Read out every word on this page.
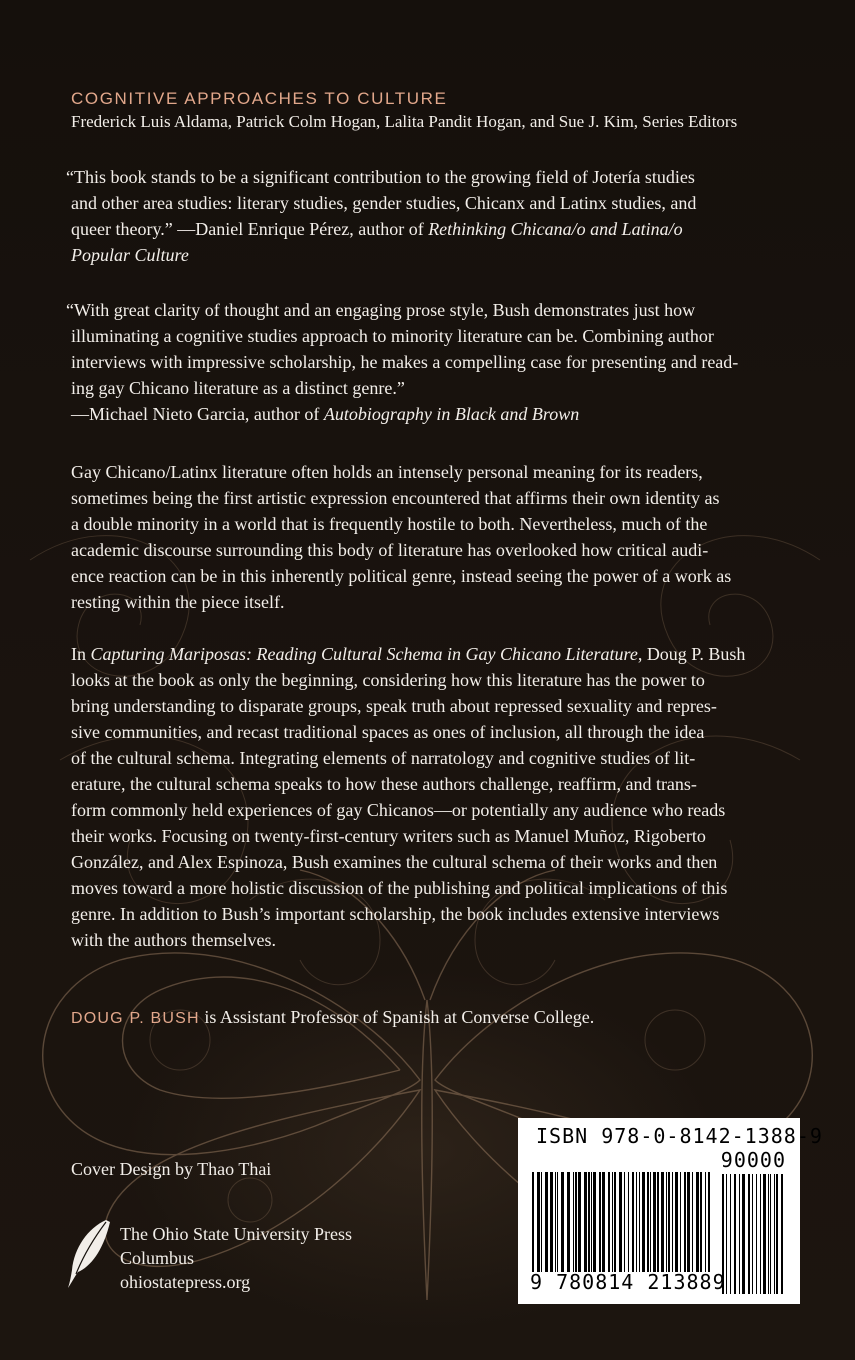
COGNITIVE APPROACHES TO CULTURE
Frederick Luis Aldama, Patrick Colm Hogan, Lalita Pandit Hogan, and Sue J. Kim, Series Editors
“This book stands to be a significant contribution to the growing field of Jotería studies
and other area studies: literary studies, gender studies, Chicanx and Latinx studies, and
queer theory.” —Daniel Enrique Pérez, author of Rethinking Chicana/o and Latina/o
Popular Culture
“With great clarity of thought and an engaging prose style, Bush demonstrates just how
illuminating a cognitive studies approach to minority literature can be. Combining author
interviews with impressive scholarship, he makes a compelling case for presenting and read-
ing gay Chicano literature as a distinct genre.”
—Michael Nieto Garcia, author of Autobiography in Black and Brown
Gay Chicano/Latinx literature often holds an intensely personal meaning for its readers,
sometimes being the first artistic expression encountered that affirms their own identity as
a double minority in a world that is frequently hostile to both. Nevertheless, much of the
academic discourse surrounding this body of literature has overlooked how critical audi-
ence reaction can be in this inherently political genre, instead seeing the power of a work as
resting within the piece itself.
In Capturing Mariposas: Reading Cultural Schema in Gay Chicano Literature, Doug P. Bush
looks at the book as only the beginning, considering how this literature has the power to
bring understanding to disparate groups, speak truth about repressed sexuality and repres-
sive communities, and recast traditional spaces as ones of inclusion, all through the idea
of the cultural schema. Integrating elements of narratology and cognitive studies of lit-
erature, the cultural schema speaks to how these authors challenge, reaffirm, and trans-
form commonly held experiences of gay Chicanos—or potentially any audience who reads
their works. Focusing on twenty-first-century writers such as Manuel Muñoz, Rigoberto
González, and Alex Espinoza, Bush examines the cultural schema of their works and then
moves toward a more holistic discussion of the publishing and political implications of this
genre. In addition to Bush’s important scholarship, the book includes extensive interviews
with the authors themselves.
DOUG P. BUSH is Assistant Professor of Spanish at Converse College.
Cover Design by Thao Thai
The Ohio State University Press
Columbus
ohiostatepress.org
ISBN 978-0-8142-1388-9
90000
9 780814 213889
